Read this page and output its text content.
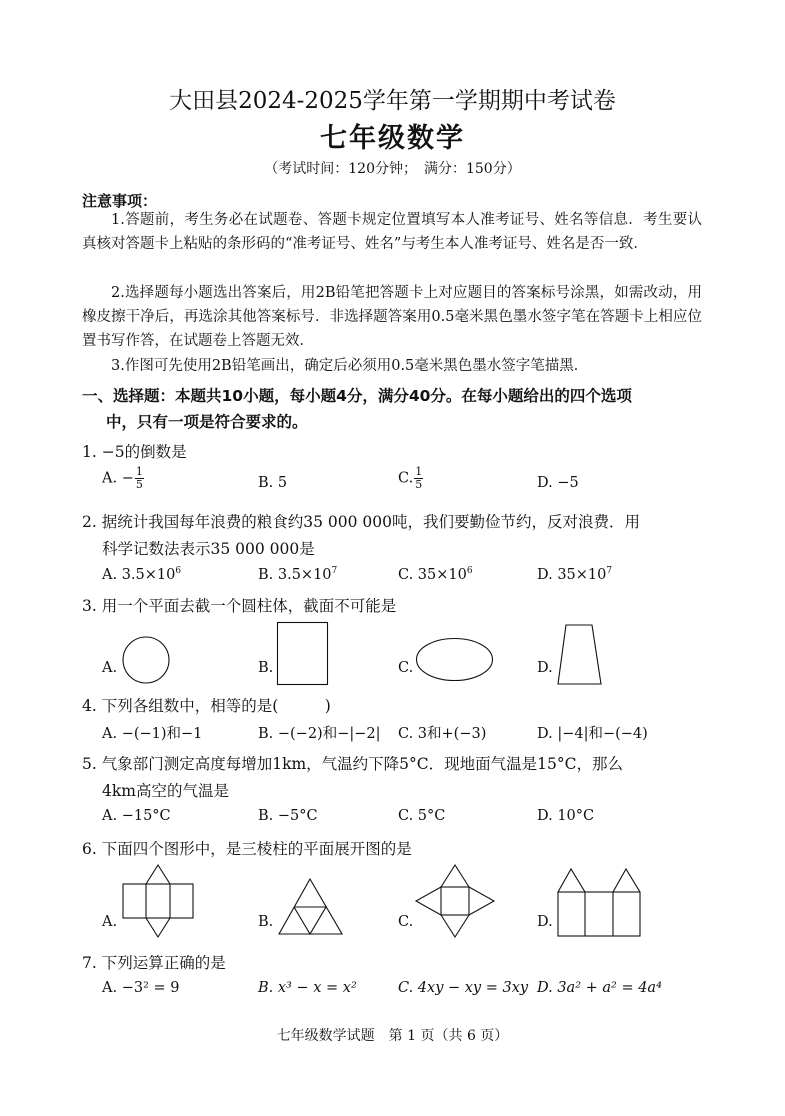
大田县2024-2025学年第一学期期中考试卷
七年级数学
（考试时间：120分钟；　满分：150分）
注意事项：
1.答题前，考生务必在试题卷、答题卡规定位置填写本人准考证号、姓名等信息．考生要认真核对答题卡上粘贴的条形码的“准考证号、姓名”与考生本人准考证号、姓名是否一致．
2.选择题每小题选出答案后，用2B铅笔把答题卡上对应题目的答案标号涂黑，如需改动，用橡皮擦干净后，再选涂其他答案标号．非选择题答案用0.5毫米黑色墨水签字笔在答题卡上相应位置书写作答，在试题卷上答题无效．
3.作图可先使用2B铅笔画出，确定后必须用0.5毫米黑色墨水签字笔描黑．
一、选择题：本题共10小题，每小题4分，满分40分。在每小题给出的四个选项
中，只有一项是符合要求的。
1. −5的倒数是
A. − $\frac{1}{5}$	B. 5	C. $\frac{1}{5}$	D. −5
2. 据统计我国每年浪费的粮食约35 000 000吨，我们要勤俭节约，反对浪费．用
科学记数法表示35 000 000是
A. $3.5\times 10^6$	B. $3.5\times 10^7$	C. $35\times 10^6$	D. $35\times 10^7$
3. 用一个平面去截一个圆柱体，截面不可能是
A.	B.	C.	D.
4. 下列各组数中，相等的是(　　　)
A. −(−1)和−1	B. −(−2)和−|−2| C. 3和+(−3)	D. |−4|和−(−4)
5. 气象部门测定高度每增加1km，气温约下降5°C．现地面气温是15°C，那么
4km高空的气温是
A. −15°C	B. −5°C	C. 5°C	D. 10°C
6. 下面四个图形中，是三棱柱的平面展开图的是
A.	B.	C.	D.
7. 下列运算正确的是
A. −3² = 9	B. x³ − x = x²	C. 4xy − xy = 3xy D. 3a² + a² = 4a⁴
七年级数学试题　第 1 页（共 6 页）
